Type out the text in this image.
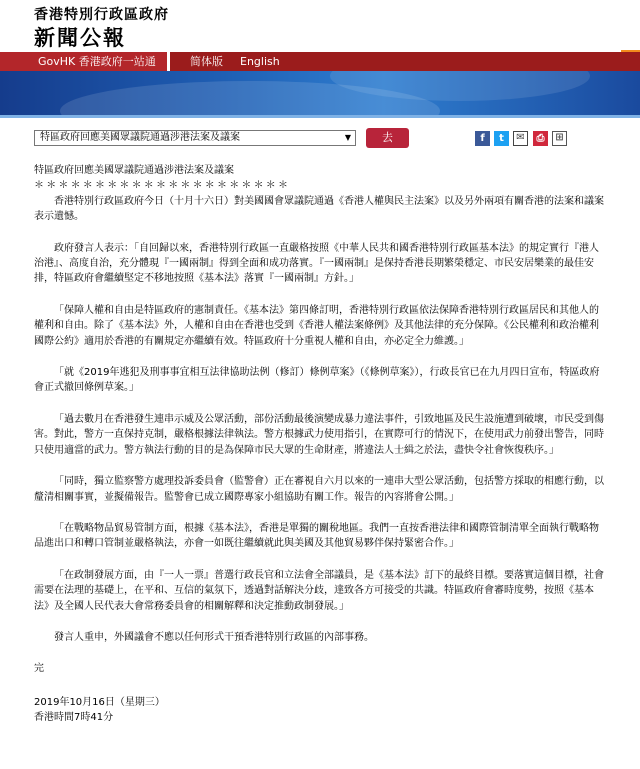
香港特別行政區政府
新聞公報
GovHK 香港政府一站通	简体版 English
特區政府回應美國眾議院通過涉港法案及議案	▼	去	f	t	✉	⎙	⊞

特區政府回應美國眾議院通過涉港法案及議案

＊＊＊＊＊＊＊＊＊＊＊＊＊＊＊＊＊＊＊＊＊

香港特別行政區政府今日（十月十六日）對美國國會眾議院通過《香港人權與民主法案》以及另外兩項有關香港的法案和議案表示遺憾。

政府發言人表示：「自回歸以來，香港特別行政區一直嚴格按照《中華人民共和國香港特別行政區基本法》的規定實行『港人治港』、高度自治，充分體現『一國兩制』得到全面和成功落實。『一國兩制』是保持香港長期繁榮穩定、市民安居樂業的最佳安排，特區政府會繼續堅定不移地按照《基本法》落實『一國兩制』方針。」

「保障人權和自由是特區政府的憲制責任。《基本法》第四條訂明，香港特別行政區依法保障香港特別行政區居民和其他人的權利和自由。除了《基本法》外，人權和自由在香港也受到《香港人權法案條例》及其他法律的充分保障。《公民權利和政治權利國際公約》適用於香港的有關規定亦繼續有效。特區政府十分重視人權和自由，亦必定全力維護。」

「就《2019年逃犯及刑事事宜相互法律協助法例（修訂）條例草案》（《條例草案》），行政長官已在九月四日宣布，特區政府會正式撤回條例草案。」

「過去數月在香港發生連串示威及公眾活動，部份活動最後演變成暴力違法事件，引致地區及民生設施遭到破壞，市民受到傷害。對此，警方一直保持克制，嚴格根據法律執法。警方根據武力使用指引，在實際可行的情況下，在使用武力前發出警告，同時只使用適當的武力。警方執法行動的目的是為保障市民大眾的生命財產，將違法人士緝之於法，盡快令社會恢復秩序。」

「同時，獨立監察警方處理投訴委員會（監警會）正在審視自六月以來的一連串大型公眾活動，包括警方採取的相應行動，以釐清相關事實，並擬備報告。監警會已成立國際專家小組協助有關工作。報告的內容將會公開。」

「在戰略物品貿易管制方面，根據《基本法》，香港是單獨的關稅地區。我們一直按香港法律和國際管制清單全面執行戰略物品進出口和轉口管制並嚴格執法，亦會一如既往繼續就此與美國及其他貿易夥伴保持緊密合作。」

「在政制發展方面，由『一人一票』普選行政長官和立法會全部議員，是《基本法》訂下的最終目標。要落實這個目標，社會需要在法理的基礎上，在平和、互信的氣氛下，透過對話解決分歧，達致各方可接受的共識。特區政府會審時度勢，按照《基本法》及全國人民代表大會常務委員會的相關解釋和決定推動政制發展。」

發言人重申，外國議會不應以任何形式干預香港特別行政區的內部事務。

完

2019年10月16日（星期三）

香港時間7時41分
